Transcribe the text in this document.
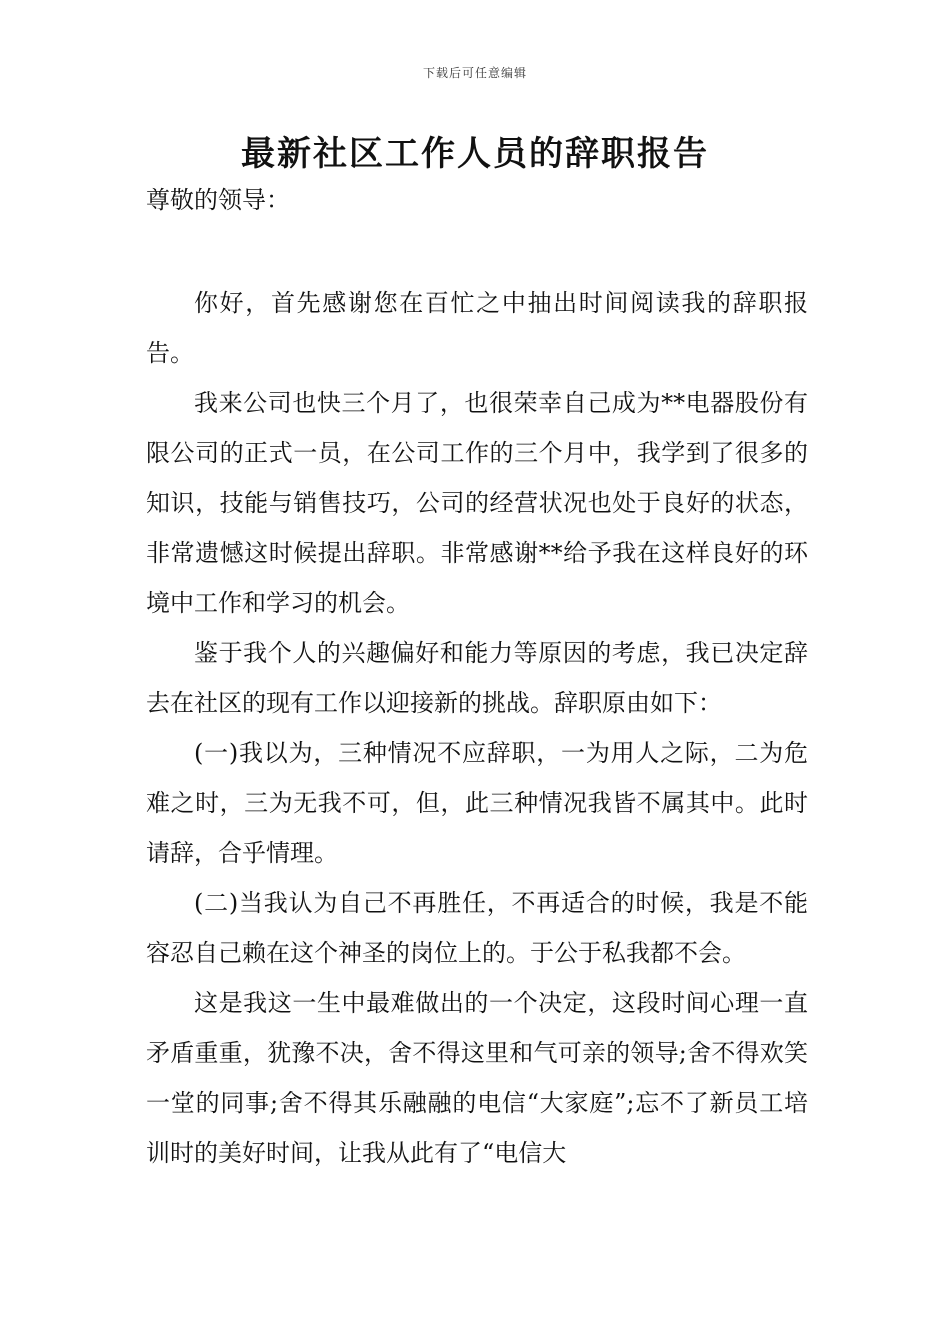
下载后可任意编辑
最新社区工作人员的辞职报告
尊敬的领导：

你好，首先感谢您在百忙之中抽出时间阅读我的辞职报告。

我来公司也快三个月了，也很荣幸自己成为**电器股份有限公司的正式一员，在公司工作的三个月中，我学到了很多的知识，技能与销售技巧，公司的经营状况也处于良好的状态，非常遗憾这时候提出辞职。非常感谢**给予我在这样良好的环境中工作和学习的机会。

鉴于我个人的兴趣偏好和能力等原因的考虑，我已决定辞去在社区的现有工作以迎接新的挑战。辞职原由如下：

(一)我以为，三种情况不应辞职，一为用人之际，二为危难之时，三为无我不可，但，此三种情况我皆不属其中。此时请辞，合乎情理。

(二)当我认为自己不再胜任，不再适合的时候，我是不能容忍自己赖在这个神圣的岗位上的。于公于私我都不会。

这是我这一生中最难做出的一个决定，这段时间心理一直矛盾重重，犹豫不决，舍不得这里和气可亲的领导;舍不得欢笑一堂的同事;舍不得其乐融融的电信“大家庭”;忘不了新员工培训时的美好时间，让我从此有了“电信大
